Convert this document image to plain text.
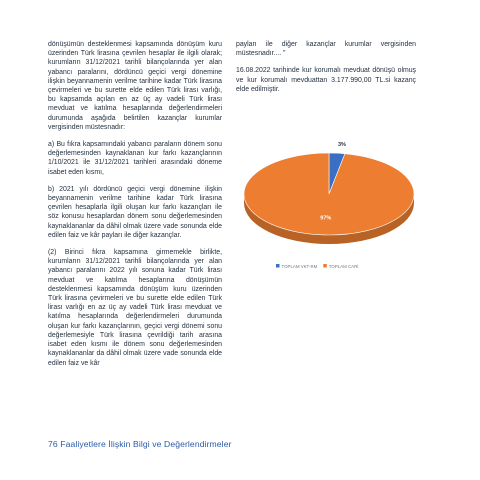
dönüşümün desteklenmesi kapsamında dönüşüm kuru üzerinden Türk lirasına çevrilen hesaplar ile ilgili olarak; kurumların 31/12/2021 tarihli bilançolarında yer alan yabancı paralarını, dördüncü geçici vergi dönemine ilişkin beyannamenin verilme tarihine kadar Türk lirasına çevirmeleri ve bu surette elde edilen Türk lirası varlığı, bu kapsamda açılan en az üç ay vadeli Türk lirası mevduat ve katılma hesaplarında değerlendirmeleri durumunda aşağıda belirtilen kazançlar kurumlar vergisinden müstesnadır:

a) Bu fıkra kapsamındaki yabancı paraların dönem sonu değerlemesinden kaynaklanan kur farkı kazançlarının 1/10/2021 ile 31/12/2021 tarihleri arasındaki döneme isabet eden kısmı,

b) 2021 yılı dördüncü geçici vergi dönemine ilişkin beyannamenin verilme tarihine kadar Türk lirasına çevrilen hesaplarla ilgili oluşan kur farkı kazançları ile söz konusu hesaplardan dönem sonu değerlemesinden kaynaklananlar da dâhil olmak üzere vade sonunda elde edilen faiz ve kâr payları ile diğer kazançlar.

(2) Birinci fıkra kapsamına girmemekle birlikte, kurumların 31/12/2021 tarihli bilançolarında yer alan yabancı paralarını 2022 yılı sonuna kadar Türk lirası mevduat ve katılma hesaplarına dönüşümün desteklenmesi kapsamında dönüşüm kuru üzerinden Türk lirasına çevirmeleri ve bu surette elde edilen Türk lirası varlığı en az üç ay vadeli Türk lirası mevduat ve katılma hesaplarında değerlendirmeleri durumunda oluşan kur farkı kazançlarının, geçici vergi dönemi sonu değerlemesiyle Türk lirasına çevrildiği tarih arasına isabet eden kısmı ile dönem sonu değerlemesinden kaynaklananlar da dâhil olmak üzere vade sonunda elde edilen faiz ve kâr

payları ile diğer kazançlar kurumlar vergisinden müstesnadır.... ”

16.08.2022 tarihinde kur korumalı mevduat dönüşü olmuş ve kur korumalı mevduattan 3.177.990,00 TL.si kazanç elde edilmiştir.

3%
97%
TOPLAM VKT-RM	TOPLAM CARİ
76 Faaliyetlere İlişkin Bilgi ve Değerlendirmeler
